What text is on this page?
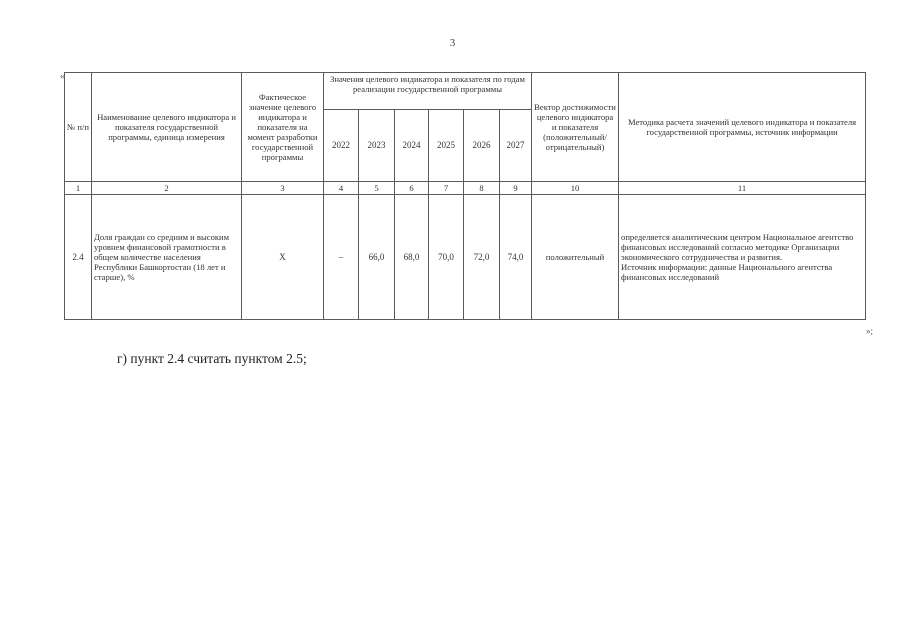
3
«
№ п/п	Наименование целевого индикатора и показателя государственной программы, единица измерения	Фактическое значение целевого индикатора и показателя на момент разработки государственной программы	Значения целевого индикатора и показателя по годам реализации государственной программы						Вектор достижимости целевого индикатора и показателя (положительный/ отрицательный)	Методика расчета значений целевого индикатора и показателя государственной программы, источник информации
			2022	2023	2024	2025	2026	2027		
1	2	3	4	5	6	7	8	9	10	11
2.4	Доля граждан со средним и высоким уровнем финансовой грамотности в общем количестве населения Республики Башкортостан (18 лет и старше), %	X	–	66,0	68,0	70,0	72,0	74,0	положительный	определяется аналитическим центром Национальное агентство финансовых исследований согласно методике Организации экономического сотрудничества и развития.
Источник информации: данные Национального агентства финансовых исследований
»;
г) пункт 2.4 считать пунктом 2.5;
